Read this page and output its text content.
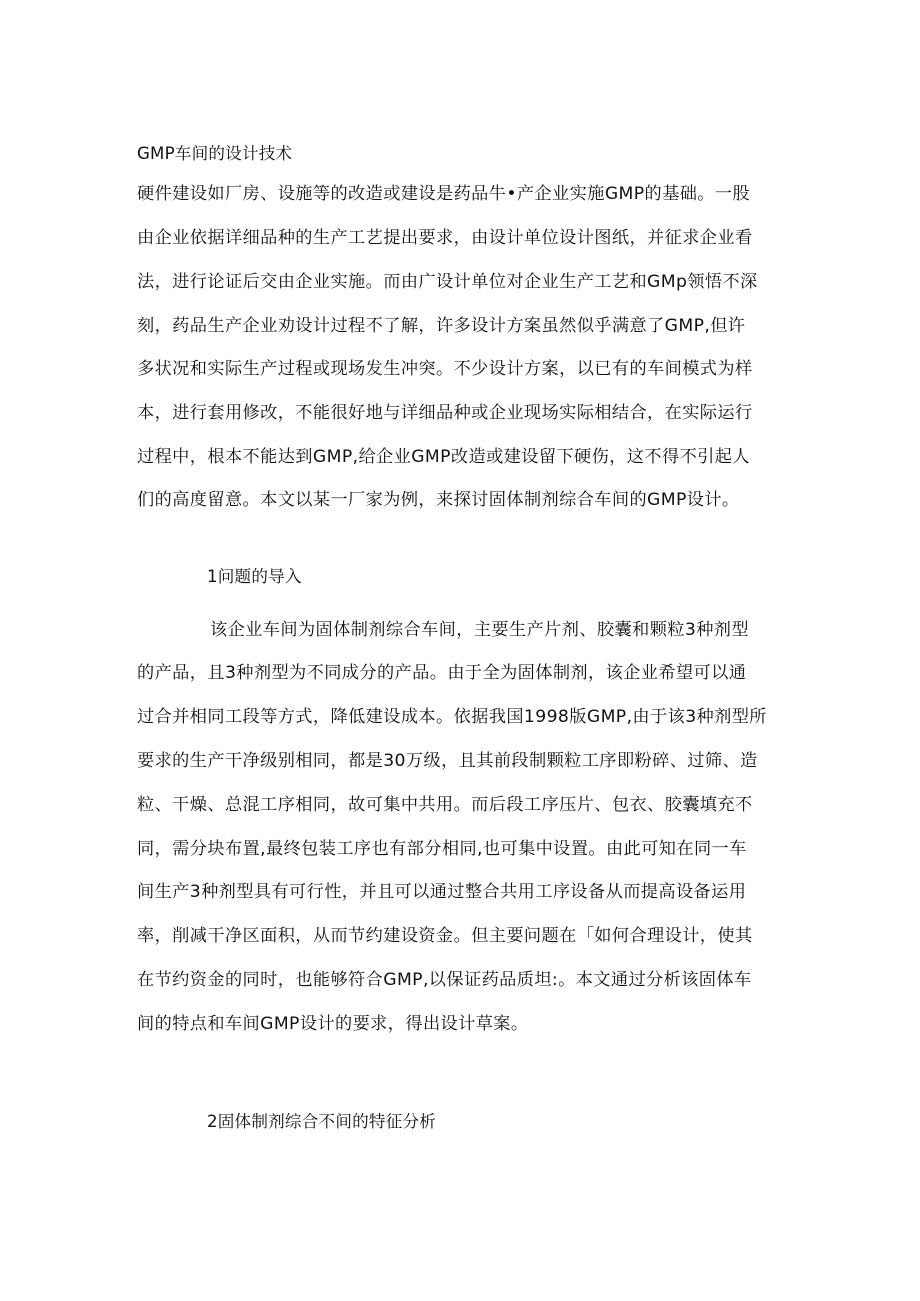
GMP车间的设计技术
硬件建设如厂房、设施等的改造或建设是药品牛•产企业实施GMP的基础。一股
由企业依据详细品种的生产工艺提出要求，由设计单位设计图纸，并征求企业看
法，进行论证后交由企业实施。而由广设计单位对企业生产工艺和GMp领悟不深
刻，药品生产企业劝设计过程不了解，许多设计方案虽然似乎满意了GMP,但许
多状况和实际生产过程或现场发生冲突。不少设计方案，以已有的车间模式为样
本，进行套用修改，不能很好地与详细品种或企业现场实际相结合，在实际运行
过程中，根本不能达到GMP,给企业GMP改造或建设留下硬伤，这不得不引起人
们的高度留意。本文以某一厂家为例，来探讨固体制剂综合车间的GMP设计。
1问题的导入
该企业车间为固体制剂综合车间，主要生产片剂、胶囊和颗粒3种剂型
的产品，且3种剂型为不同成分的产品。由于全为固体制剂，该企业希望可以通
过合并相同工段等方式，降低建设成本。依据我国1998版GMP,由于该3种剂型所
要求的生产干净级别相同，都是30万级，且其前段制颗粒工序即粉碎、过筛、造
粒、干燥、总混工序相同，故可集中共用。而后段工序压片、包衣、胶囊填充不
同，需分块布置,最终包装工序也有部分相同,也可集中设置。由此可知在同一车
间生产3种剂型具有可行性，并且可以通过整合共用工序设备从而提高设备运用
率，削减干净区面积，从而节约建设资金。但主要问题在「如何合理设计，使其
在节约资金的同时，也能够符合GMP,以保证药品质坦:。本文通过分析该固体车
间的特点和车间GMP设计的要求，得出设计草案。
2固体制剂综合不间的特征分析
